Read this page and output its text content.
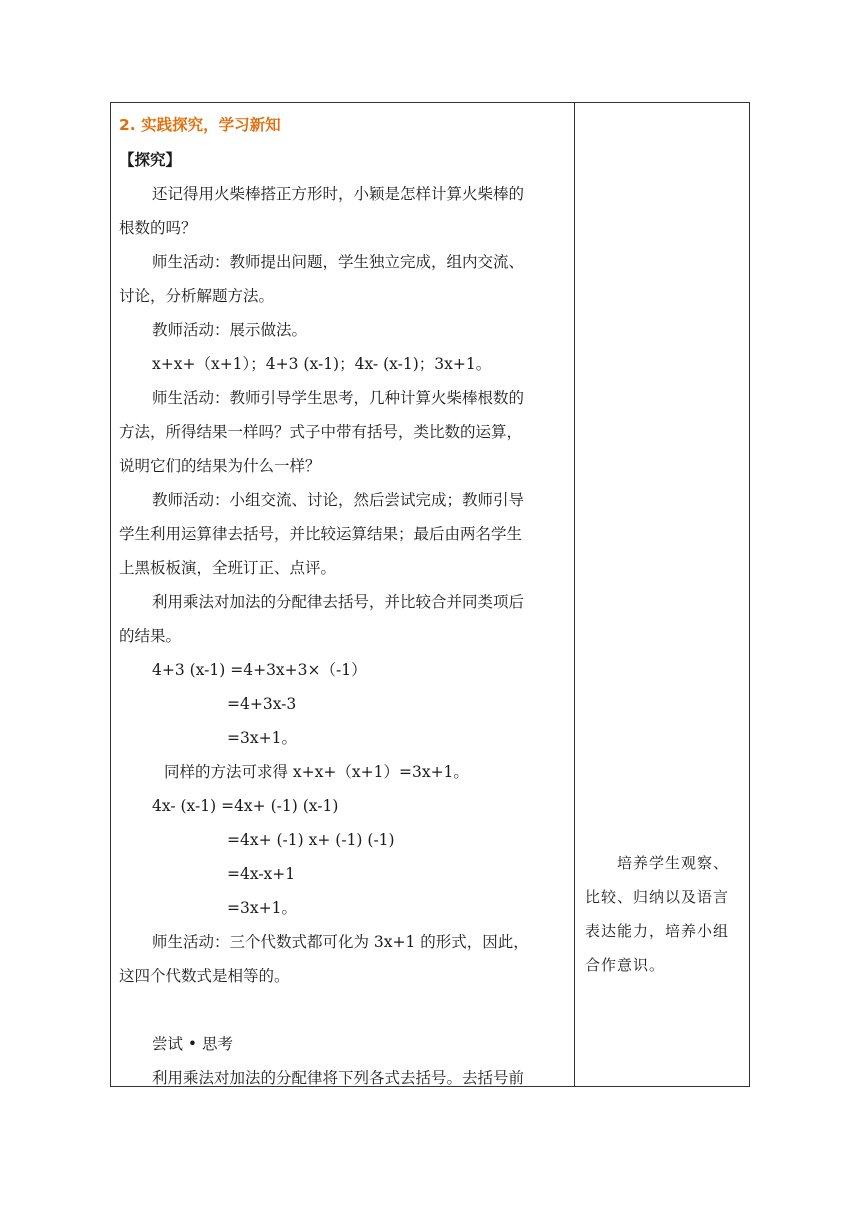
2. 实践探究，学习新知
【探究】
还记得用火柴棒搭正方形时，小颖是怎样计算火柴棒的
根数的吗？
师生活动：教师提出问题，学生独立完成，组内交流、
讨论，分析解题方法。
教师活动：展示做法。
x+x+（x+1）；4+3 (x-1)；4x- (x-1)；3x+1。
师生活动：教师引导学生思考，几种计算火柴棒根数的
方法，所得结果一样吗？式子中带有括号，类比数的运算，
说明它们的结果为什么一样？
教师活动：小组交流、讨论，然后尝试完成；教师引导
学生利用运算律去括号，并比较运算结果；最后由两名学生
上黑板板演，全班订正、点评。
利用乘法对加法的分配律去括号，并比较合并同类项后
的结果。
4+3 (x-1) =4+3x+3×（-1）
=4+3x-3
=3x+1。
同样的方法可求得 x+x+（x+1）=3x+1。
4x- (x-1) =4x+ (-1) (x-1)
=4x+ (-1) x+ (-1) (-1)
=4x-x+1
=3x+1。
师生活动：三个代数式都可化为 3x+1 的形式，因此，
这四个代数式是相等的。
尝试 • 思考
利用乘法对加法的分配律将下列各式去括号。去括号前
培养学生观察、
比较、归纳以及语言
表达能力，培养小组
合作意识。
